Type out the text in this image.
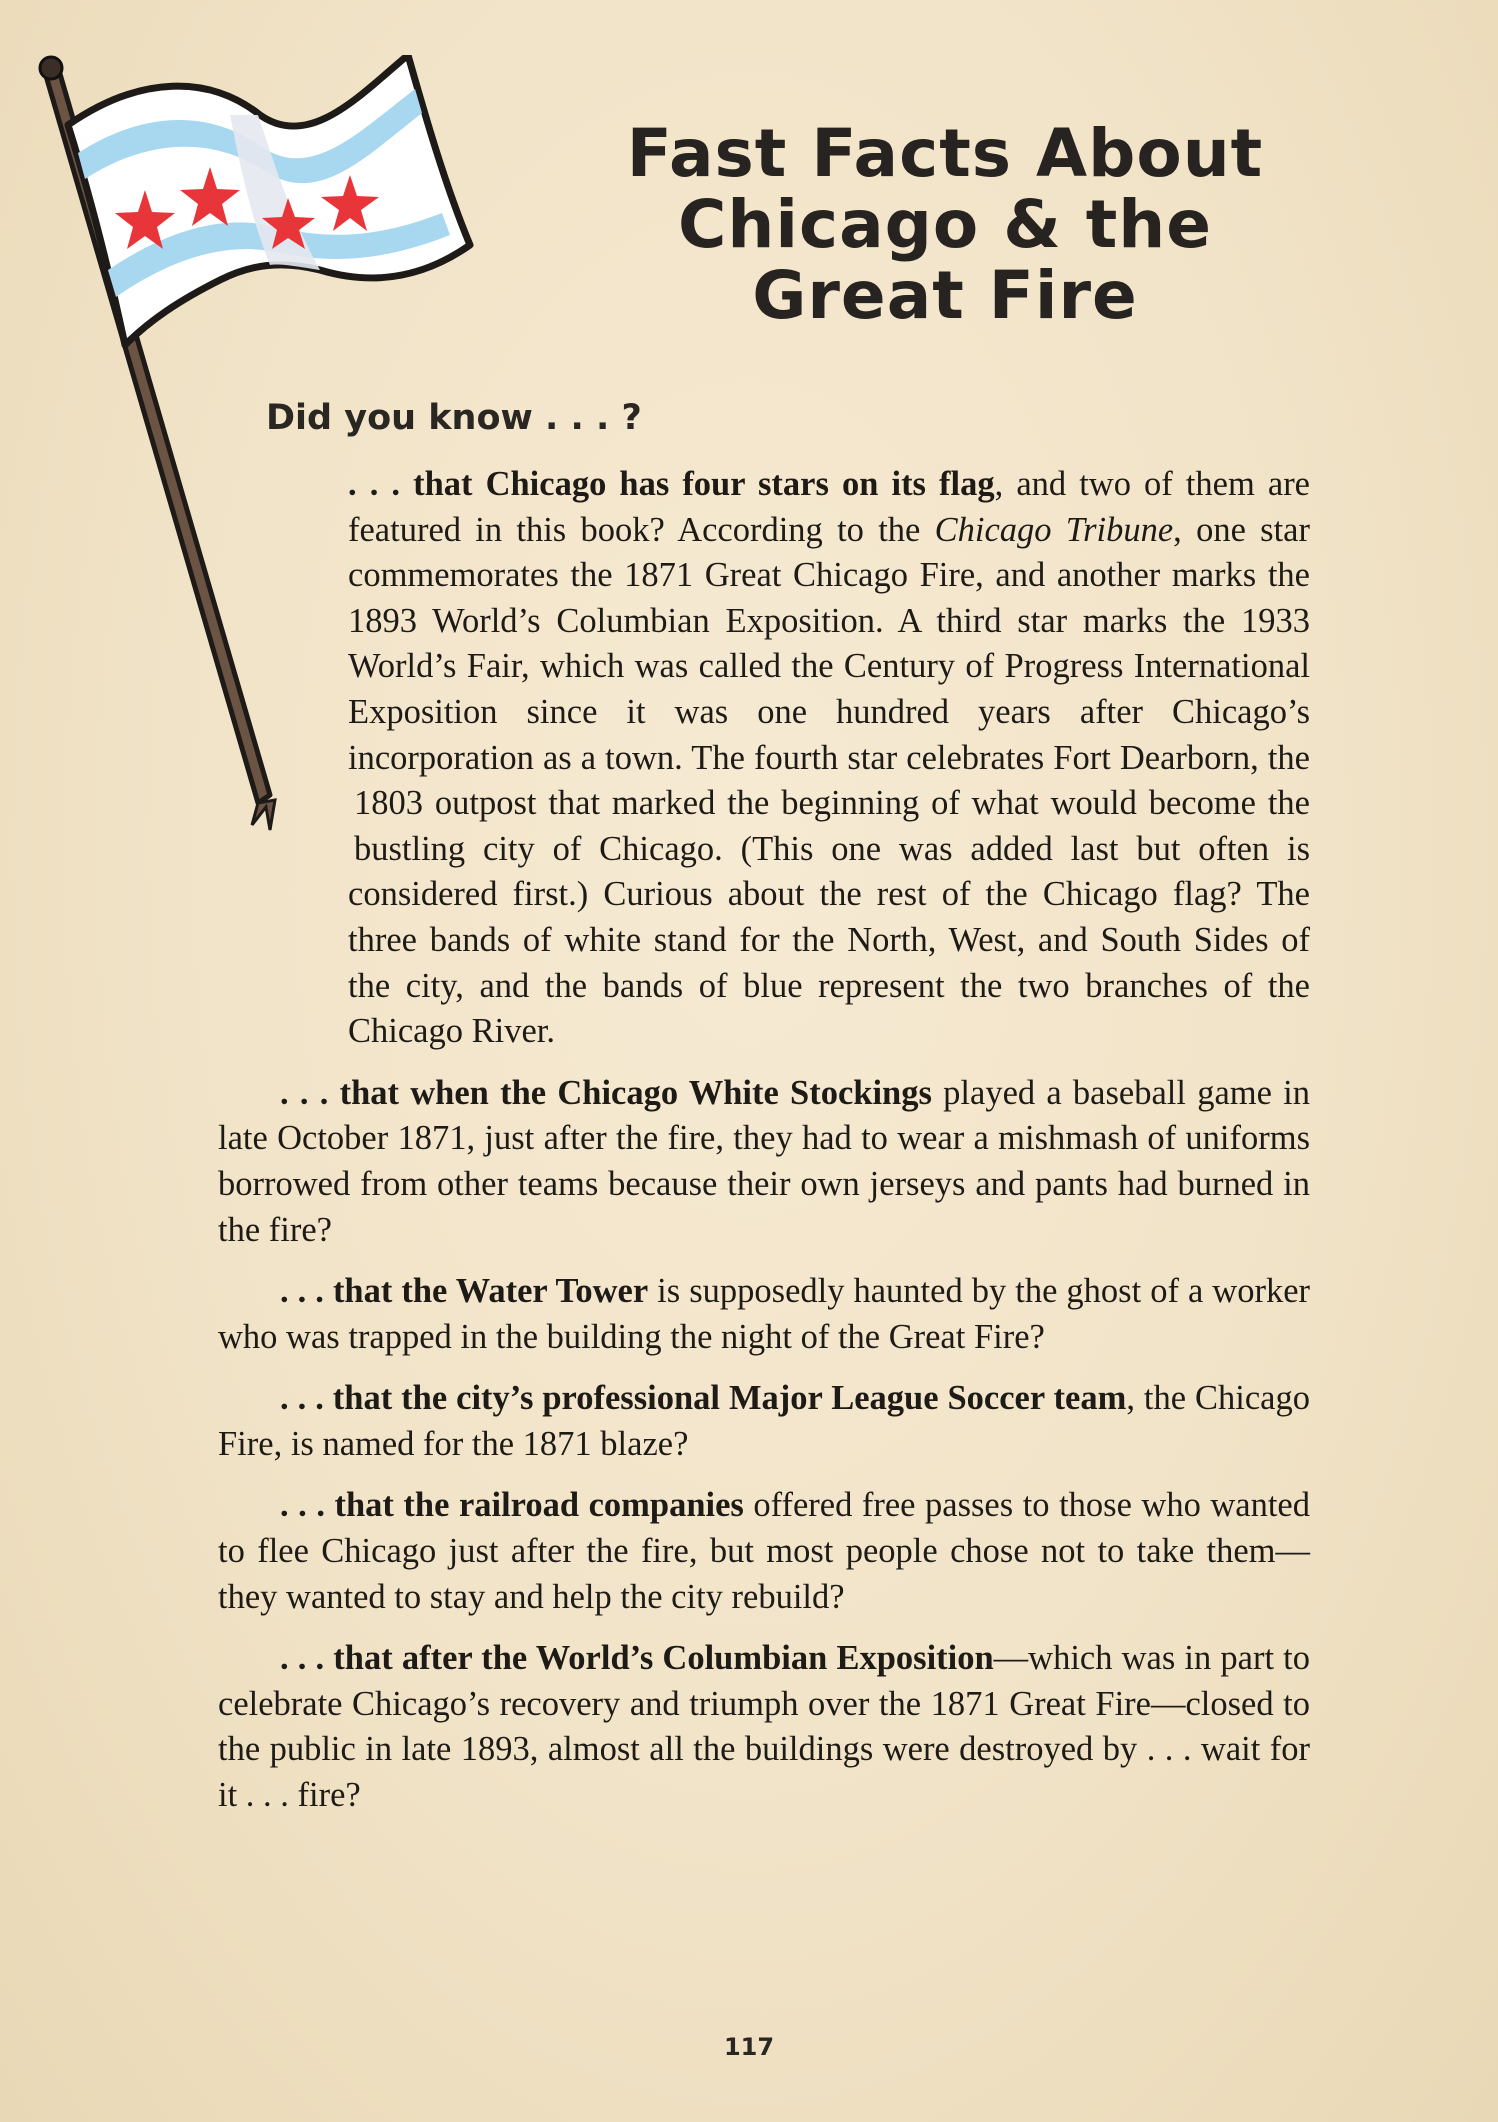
Fast Facts About
Chicago & the
Great Fire
Did you know . . . ?

. . . that Chicago has four stars on its flag, and two of them are featured in this book? According to the Chicago Tribune, one star commemorates the 1871 Great Chicago Fire, and another marks the 1893 World’s Columbian Exposition. A third star marks the 1933 World’s Fair, which was called the Century of Progress International Exposition since it was one hundred years after Chicago’s incorporation as a town. The fourth star celebrates Fort Dearborn, the 1803 outpost that marked the beginning of what would become the bustling city of Chicago. (This one was added last but often is considered first.) Curious about the rest of the Chicago flag? The three bands of white stand for the North, West, and South Sides of the city, and the bands of blue represent the two branches of the Chicago River.

. . . that when the Chicago White Stockings played a baseball game in late October 1871, just after the fire, they had to wear a mishmash of uniforms borrowed from other teams because their own jerseys and pants had burned in the fire?

. . . that the Water Tower is supposedly haunted by the ghost of a worker who was trapped in the building the night of the Great Fire?

. . . that the city’s professional Major League Soccer team, the Chicago Fire, is named for the 1871 blaze?

. . . that the railroad companies offered free passes to those who wanted to flee Chicago just after the fire, but most people chose not to take them—they wanted to stay and help the city rebuild?

. . . that after the World’s Columbian Exposition—which was in part to celebrate Chicago’s recovery and triumph over the 1871 Great Fire—closed to the public in late 1893, almost all the buildings were destroyed by . . . wait for it . . . fire?

117
